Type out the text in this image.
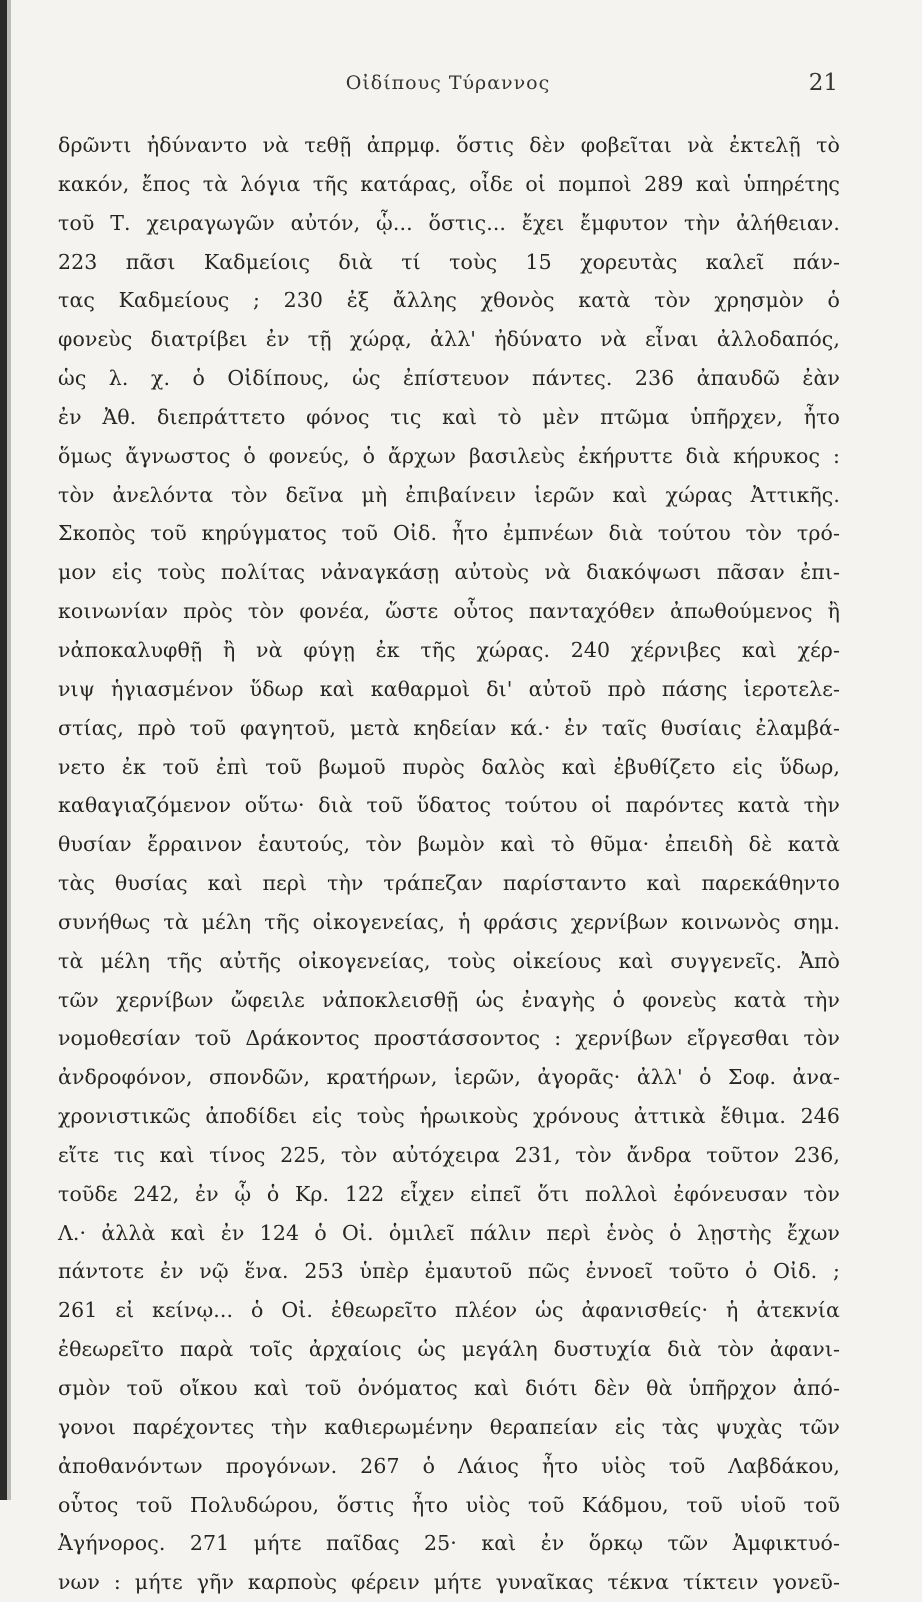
Οἰδίπους Τύραννος	21
δρῶντι ἠδύναντο νὰ τεθῇ ἀπρμφ. ὅστις δὲν φοβεῖται νὰ ἐκτελῇ τὸ
κακόν, ἔπος τὰ λόγια τῆς κατάρας, οἶδε οἱ πομποὶ 289 καὶ ὑπηρέτης
τοῦ Τ. χειραγωγῶν αὐτόν, ᾧ... ὅστις... ἔχει ἔμφυτον τὴν ἀλήθειαν.
223 πᾶσι Καδμείοις διὰ τί τοὺς 15 χορευτὰς καλεῖ πάν-
τας Καδμείους ; 230 ἐξ ἄλλης χθονὸς κατὰ τὸν χρησμὸν ὁ
φονεὺς διατρίβει ἐν τῇ χώρᾳ, ἀλλ' ἠδύνατο νὰ εἶναι ἀλλοδαπός,
ὡς λ. χ. ὁ Οἰδίπους, ὡς ἐπίστευον πάντες. 236 ἀπαυδῶ ἐὰν
ἐν Ἀθ. διεπράττετο φόνος τις καὶ τὸ μὲν πτῶμα ὑπῆρχεν, ἦτο
ὅμως ἄγνωστος ὁ φονεύς, ὁ ἄρχων βασιλεὺς ἐκήρυττε διὰ κήρυκος :
τὸν ἀνελόντα τὸν δεῖνα μὴ ἐπιβαίνειν ἱερῶν καὶ χώρας Ἀττικῆς.
Σκοπὸς τοῦ κηρύγματος τοῦ Οἰδ. ἦτο ἐμπνέων διὰ τούτου τὸν τρό-
μον εἰς τοὺς πολίτας νἀναγκάσῃ αὐτοὺς νὰ διακόψωσι πᾶσαν ἐπι-
κοινωνίαν πρὸς τὸν φονέα, ὥστε οὗτος πανταχόθεν ἀπωθούμενος ἢ
νἀποκαλυφθῇ ἢ νὰ φύγῃ ἐκ τῆς χώρας. 240 χέρνιβες καὶ χέρ-
νιψ ἡγιασμένον ὕδωρ καὶ καθαρμοὶ δι' αὐτοῦ πρὸ πάσης ἱεροτελε-
στίας, πρὸ τοῦ φαγητοῦ, μετὰ κηδείαν κά.· ἐν ταῖς θυσίαις ἐλαμβά-
νετο ἐκ τοῦ ἐπὶ τοῦ βωμοῦ πυρὸς δαλὸς καὶ ἐβυθίζετο εἰς ὕδωρ,
καθαγιαζόμενον οὕτω· διὰ τοῦ ὕδατος τούτου οἱ παρόντες κατὰ τὴν
θυσίαν ἔρραινον ἑαυτούς, τὸν βωμὸν καὶ τὸ θῦμα· ἐπειδὴ δὲ κατὰ
τὰς θυσίας καὶ περὶ τὴν τράπεζαν παρίσταντο καὶ παρεκάθηντο
συνήθως τὰ μέλη τῆς οἰκογενείας, ἡ φράσις χερνίβων κοινωνὸς σημ.
τὰ μέλη τῆς αὐτῆς οἰκογενείας, τοὺς οἰκείους καὶ συγγενεῖς. Ἀπὸ
τῶν χερνίβων ὤφειλε νἀποκλεισθῇ ὡς ἐναγὴς ὁ φονεὺς κατὰ τὴν
νομοθεσίαν τοῦ Δράκοντος προστάσσοντος : χερνίβων εἴργεσθαι τὸν
ἀνδροφόνον, σπονδῶν, κρατήρων, ἱερῶν, ἀγορᾶς· ἀλλ' ὁ Σοφ. ἀνα-
χρονιστικῶς ἀποδίδει εἰς τοὺς ἡρωικοὺς χρόνους ἀττικὰ ἔθιμα. 246
εἴτε τις καὶ τίνος 225, τὸν αὐτόχειρα 231, τὸν ἄνδρα τοῦτον 236,
τοῦδε 242, ἐν ᾧ ὁ Κρ. 122 εἶχεν εἰπεῖ ὅτι πολλοὶ ἐφόνευσαν τὸν
Λ.· ἀλλὰ καὶ ἐν 124 ὁ Οἰ. ὁμιλεῖ πάλιν περὶ ἑνὸς ὁ λῃστὴς ἔχων
πάντοτε ἐν νῷ ἕνα. 253 ὑπὲρ ἐμαυτοῦ πῶς ἐννοεῖ τοῦτο ὁ Οἰδ. ;
261 εἰ κείνῳ... ὁ Οἰ. ἐθεωρεῖτο πλέον ὡς ἀφανισθείς· ἡ ἀτεκνία
ἐθεωρεῖτο παρὰ τοῖς ἀρχαίοις ὡς μεγάλη δυστυχία διὰ τὸν ἀφανι-
σμὸν τοῦ οἴκου καὶ τοῦ ὀνόματος καὶ διότι δὲν θὰ ὑπῆρχον ἀπό-
γονοι παρέχοντες τὴν καθιερωμένην θεραπείαν εἰς τὰς ψυχὰς τῶν
ἀποθανόντων προγόνων. 267 ὁ Λάιος ἦτο υἱὸς τοῦ Λαβδάκου,
οὗτος τοῦ Πολυδώρου, ὅστις ἦτο υἱὸς τοῦ Κάδμου, τοῦ υἱοῦ τοῦ
Ἀγήνορος. 271 μήτε παῖδας 25· καὶ ἐν ὅρκῳ τῶν Ἀμφικτυό-
νων : μήτε γῆν καρποὺς φέρειν μήτε γυναῖκας τέκνα τίκτειν γονεῦ-
